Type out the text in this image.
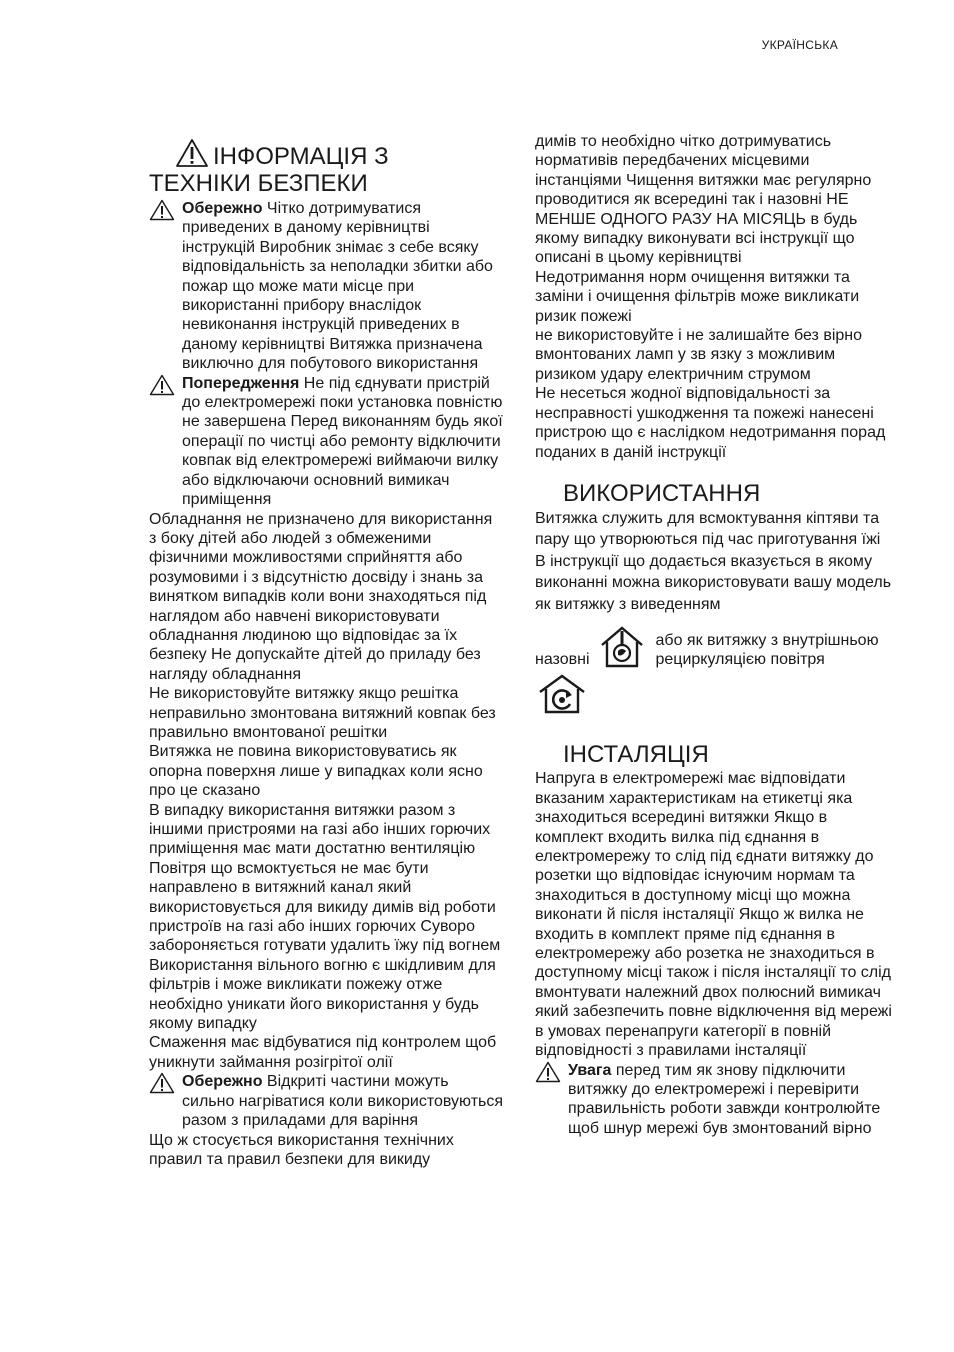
УКРАЇНСЬКА
ІНФОРМАЦІЯ З
ТЕХНІКИ БЕЗПЕКИ

Обережно Чітко дотримуватися приведених в даному керівництві інструкцій Виробник знімає з себе всяку відповідальність за неполадки збитки або пожар що може мати місце при використанні прибору внаслідок невиконання інструкцій приведених в даному керівництві Витяжка призначена виключно для побутового використання

Попередження Не під єднувати пристрій до електромережі поки установка повністю не завершена Перед виконанням будь якої операції по чистці або ремонту відключити ковпак від електромережі виймаючи вилку або відключаючи основний вимикач приміщення

Обладнання не призначено для використання з боку дітей або людей з обмеженими фізичними можливостями сприйняття або розумовими і з відсутністю досвіду і знань за винятком випадків коли вони знаходяться під наглядом або навчені використовувати обладнання людиною що відповідає за їх безпеку Не допускайте дітей до приладу без нагляду обладнання

Не використовуйте витяжку якщо решітка неправильно змонтована витяжний ковпак без правильно вмонтованої решітки

Витяжка не повина використовуватись як опорна поверхня лише у випадках коли ясно про це сказано

В випадку використання витяжки разом з іншими пристроями на газі або інших горючих приміщення має мати достатню вентиляцію Повітря що всмоктується не має бути направлено в витяжний канал який використовується для викиду димів від роботи пристроїв на газі або інших горючих Суворо забороняється готувати удалить їжу під вогнем

Використання вільного вогню є шкідливим для фільтрів і може викликати пожежу отже необхідно уникати його використання у будь якому випадку

Смаження має відбуватися під контролем щоб уникнути займання розігрітої олії

Обережно Відкриті частини можуть сильно нагріватися коли використовуються разом з приладами для варіння

Що ж стосується використання технічних правил та правил безпеки для викиду

димів то необхідно чітко дотримуватись нормативів передбачених місцевими інстанціями Чищення витяжки має регулярно проводитися як всередині так і назовні НЕ МЕНШЕ ОДНОГО РАЗУ НА МІСЯЦЬ в будь якому випадку виконувати всі інструкції що описані в цьому керівництві

Недотримання норм очищення витяжки та заміни і очищення фільтрів може викликати ризик пожежі

не використовуйте і не залишайте без вірно вмонтованих ламп у зв язку з можливим ризиком удару електричним струмом

Не несеться жодної відповідальності за несправності ушкодження та пожежі нанесені пристрою що є наслідком недотримання порад поданих в даній інструкції

ВИКОРИСТАННЯ

Витяжка служить для всмоктування кіптяви та пару що утворюються під час приготування їжі

В інструкції що додається вказується в якому виконанні можна використовувати вашу модель як витяжку з виведенням

назовні
або як витяжку з внутрішньою рециркуляцією повітря
ІНСТАЛЯЦІЯ

Напруга в електромережі має відповідати вказаним характеристикам на етикетці яка знаходиться всередині витяжки Якщо в комплект входить вилка під єднання в електромережу то слід під єднати витяжку до розетки що відповідає існуючим нормам та знаходиться в доступному місці що можна виконати й після інсталяції Якщо ж вилка не входить в комплект пряме під єднання в електромережу або розетка не знаходиться в доступному місці також і після інсталяції то слід вмонтувати належний двох полюсний вимикач який забезпечить повне відключення від мережі в умовах перенапруги категорії в повній відповідності з правилами інсталяції

Увага перед тим як знову підключити витяжку до електромережі і перевірити правильність роботи завжди контролюйте щоб шнур мережі був змонтований вірно
